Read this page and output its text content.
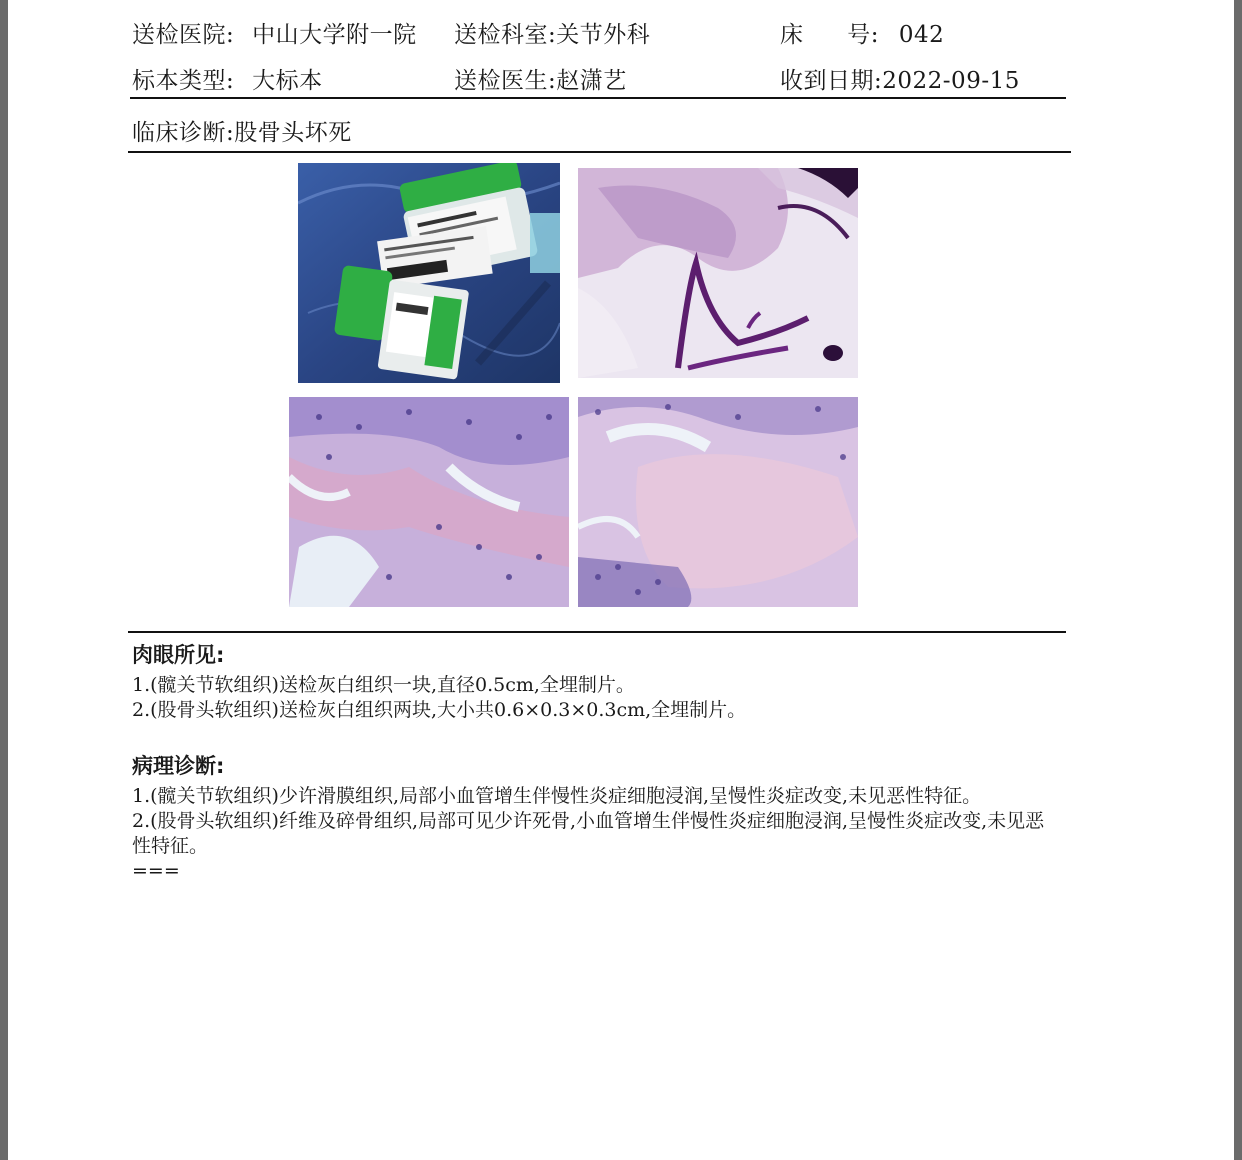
送检医院: 中山大学附一院 送检科室:关节外科	床 号: 042
标本类型: 大标本	送检医生:赵潇艺	收到日期:2022-09-15
临床诊断:股骨头坏死
肉眼所见:
1.(髋关节软组织)送检灰白组织一块,直径0.5cm,全埋制片。
2.(股骨头软组织)送检灰白组织两块,大小共0.6×0.3×0.3cm,全埋制片。
病理诊断:
1.(髋关节软组织)少许滑膜组织,局部小血管增生伴慢性炎症细胞浸润,呈慢性炎症改变,未见恶性特征。
2.(股骨头软组织)纤维及碎骨组织,局部可见少许死骨,小血管增生伴慢性炎症细胞浸润,呈慢性炎症改变,未见恶性特征。
===
